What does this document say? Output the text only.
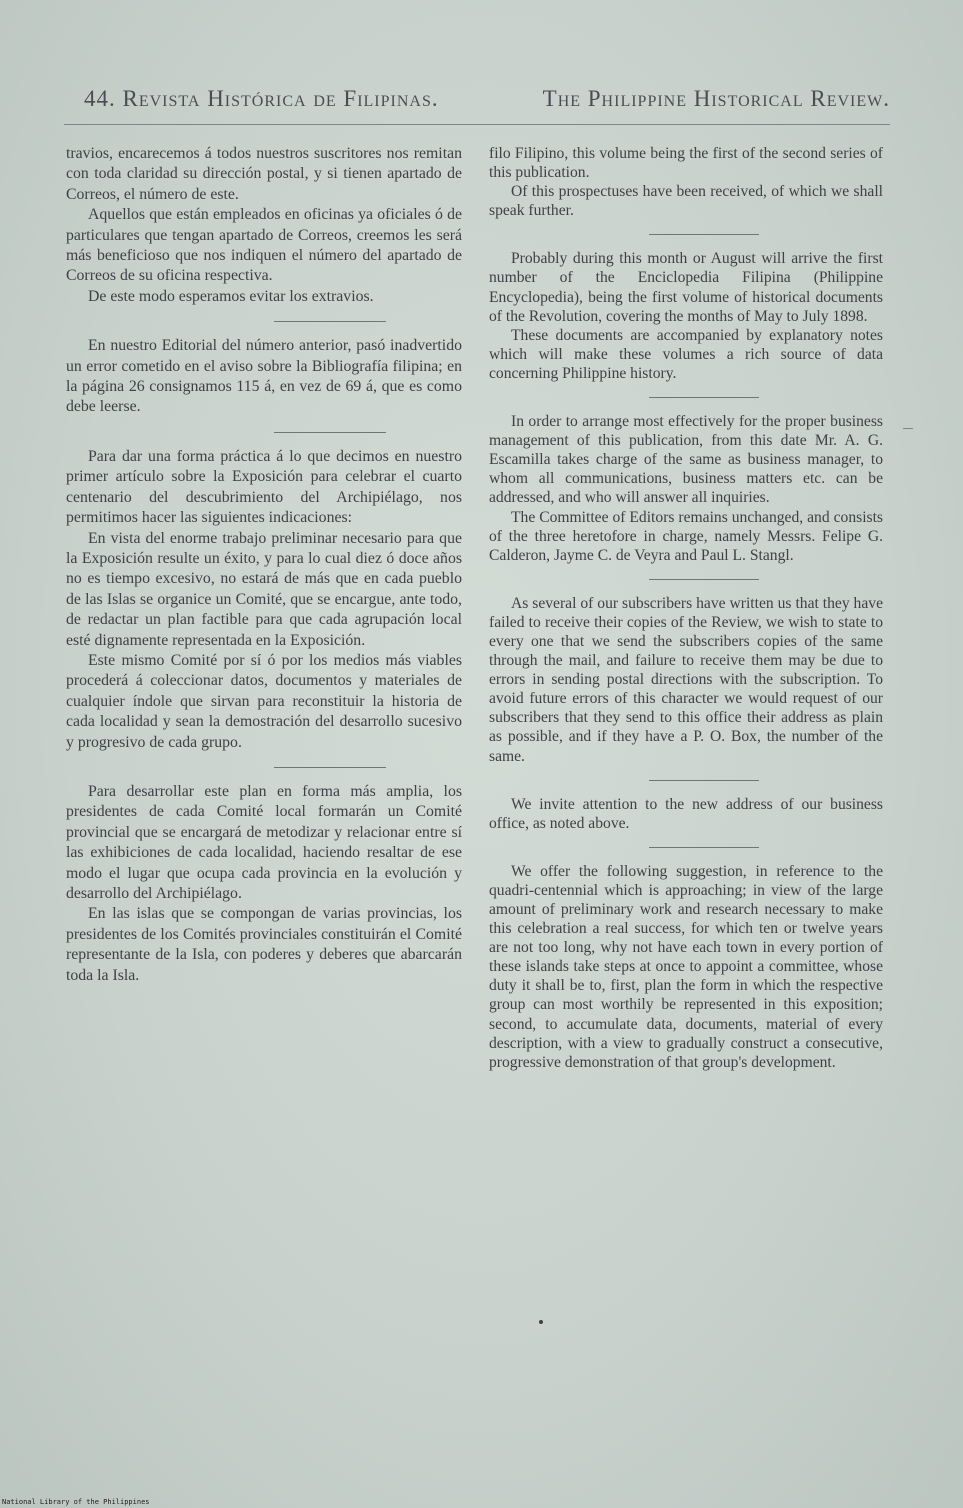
44. Revista Histórica de Filipinas.	The Philippine Historical Review.

travios, encarecemos á todos nuestros suscritores nos remitan con toda claridad su dirección postal, y si tienen apartado de Correos, el número de este.

Aquellos que están empleados en oficinas ya oficiales ó de particulares que tengan apartado de Correos, creemos les será más beneficioso que nos indiquen el número del apartado de Correos de su oficina respectiva.

De este modo esperamos evitar los extravios.

En nuestro Editorial del número anterior, pasó inadvertido un error cometido en el aviso sobre la Bibliografía filipina; en la página 26 consignamos 115 á, en vez de 69 á, que es como debe leerse.

Para dar una forma práctica á lo que decimos en nuestro primer artículo sobre la Exposición para celebrar el cuarto centenario del descubrimiento del Archipiélago, nos permitimos hacer las siguientes indicaciones:

En vista del enorme trabajo preliminar necesario para que la Exposición resulte un éxito, y para lo cual diez ó doce años no es tiempo excesivo, no estará de más que en cada pueblo de las Islas se organice un Comité, que se encargue, ante todo, de redactar un plan factible para que cada agrupación local esté dignamente representada en la Exposición.

Este mismo Comité por sí ó por los medios más viables procederá á coleccionar datos, documentos y materiales de cualquier índole que sirvan para reconstituir la historia de cada localidad y sean la demostración del desarrollo sucesivo y progresivo de cada grupo.

Para desarrollar este plan en forma más amplia, los presidentes de cada Comité local formarán un Comité provincial que se encargará de metodizar y relacionar entre sí las exhibiciones de cada localidad, haciendo resaltar de ese modo el lugar que ocupa cada provincia en la evolución y desarrollo del Archipiélago.

En las islas que se compongan de varias provincias, los presidentes de los Comités provinciales constituirán el Comité representante de la Isla, con poderes y deberes que abarcarán toda la Isla.

filo Filipino, this volume being the first of the second series of this publication.

Of this prospectuses have been received, of which we shall speak further.

Probably during this month or August will arrive the first number of the Enciclopedia Filipina (Philippine Encyclopedia), being the first volume of historical documents of the Revolution, covering the months of May to July 1898.

These documents are accompanied by explanatory notes which will make these volumes a rich source of data concerning Philippine history.

In order to arrange most effectively for the proper business management of this publication, from this date Mr. A. G. Escamilla takes charge of the same as business manager, to whom all communications, business matters etc. can be addressed, and who will answer all inquiries.

The Committee of Editors remains unchanged, and consists of the three heretofore in charge, namely Messrs. Felipe G. Calderon, Jayme C. de Veyra and Paul L. Stangl.

As several of our subscribers have written us that they have failed to receive their copies of the Review, we wish to state to every one that we send the subscribers copies of the same through the mail, and failure to receive them may be due to errors in sending postal directions with the subscription. To avoid future errors of this character we would request of our subscribers that they send to this office their address as plain as possible, and if they have a P. O. Box, the number of the same.

We invite attention to the new address of our business office, as noted above.

We offer the following suggestion, in reference to the quadri-centennial which is approaching; in view of the large amount of preliminary work and research necessary to make this celebration a real success, for which ten or twelve years are not too long, why not have each town in every portion of these islands take steps at once to appoint a committee, whose duty it shall be to, first, plan the form in which the respective group can most worthily be represented in this exposition; second, to accumulate data, documents, material of every description, with a view to gradually construct a consecutive, progressive demonstration of that group's development.

National Library of the Philippines
